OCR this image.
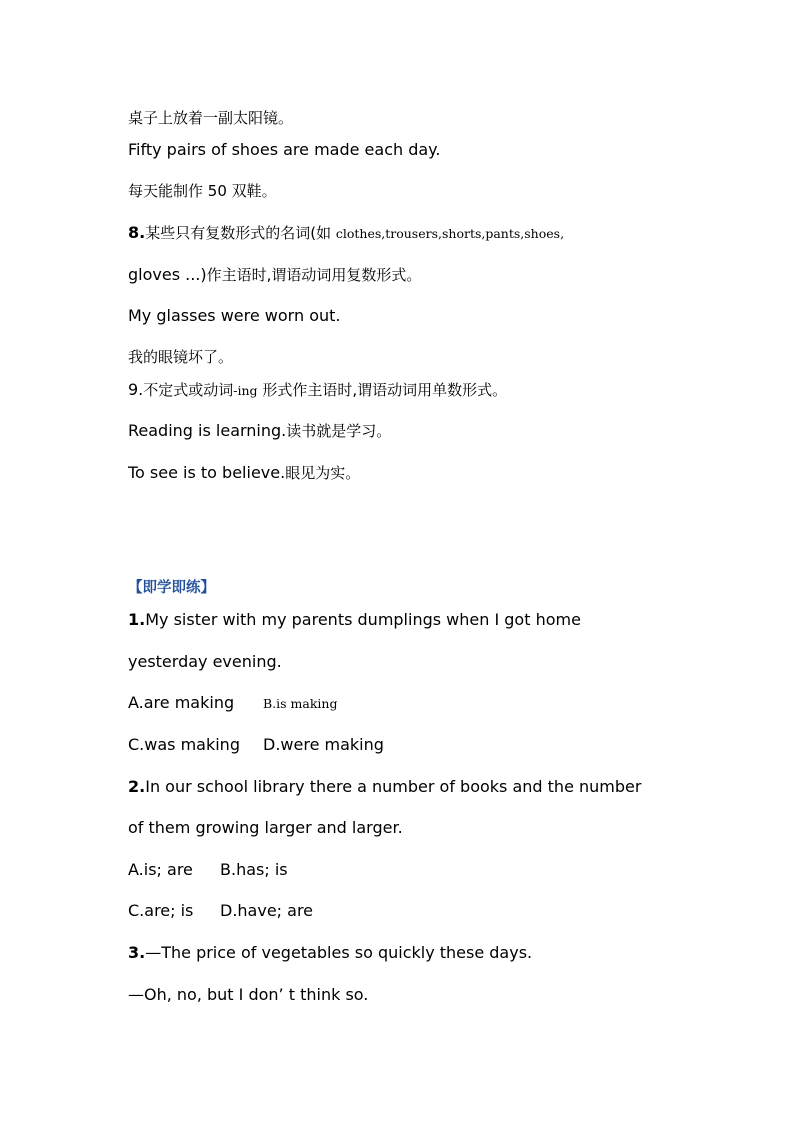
桌子上放着一副太阳镜。
Fifty pairs of shoes are made each day.
每天能制作 50 双鞋。
8.某些只有复数形式的名词(如 clothes,trousers,shorts,pants,shoes,
gloves ...)作主语时,谓语动词用复数形式。
My glasses were worn out.
我的眼镜坏了。
9.不定式或动词-ing 形式作主语时,谓语动词用单数形式。
Reading is learning.读书就是学习。
To see is to believe.眼见为实。
【即学即练】
1.My sister with my parents dumplings when I got home
yesterday evening.
A.are making B.is making
C.was making D.were making
2.In our school library there a number of books and the number
of them growing larger and larger.
A.is; are B.has; is
C.are; is D.have; are
3.—The price of vegetables so quickly these days.
—Oh, no, but I don’ t think so.
